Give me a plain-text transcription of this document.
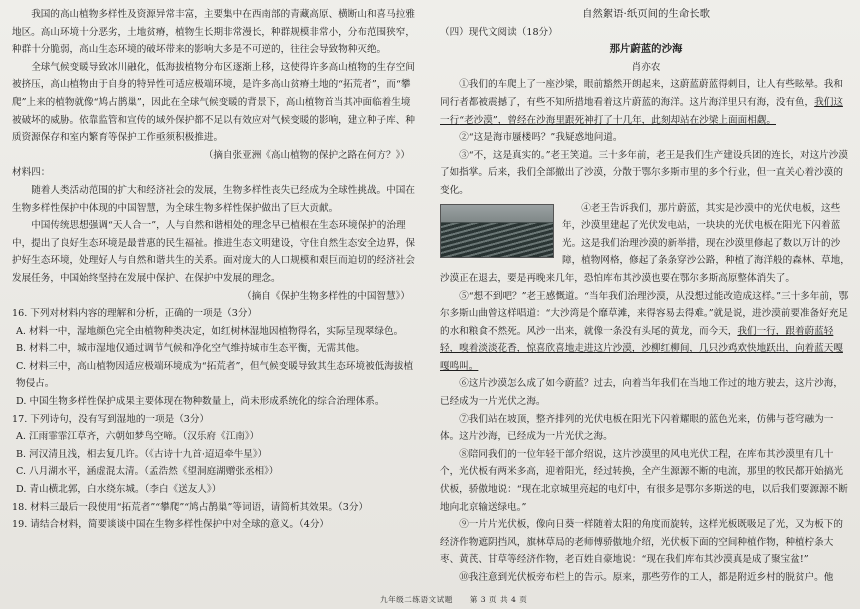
我国的高山植物多样性及资源异常丰富，主要集中在西南部的青藏高原、横断山和喜马拉雅地区。高山环境十分恶劣，土地贫瘠，植物生长期非常漫长，种群规模非常小，分布范围狭窄，种群十分脆弱，高山生态环境的破坏带来的影响大多是不可逆的，往往会导致物种灭绝。

全球气候变暖导致冰川融化，低海拔植物分布区逐渐上移，这使得许多高山植物的生存空间被挤压，高山植物由于自身的特异性可适应极端环境，是许多高山贫瘠土地的“拓荒者”，而“攀爬”上来的植物就像“鸠占鹊巢”，因此在全球气候变暖的背景下，高山植物首当其冲面临着生境被破坏的威胁。依靠监管和宣传的域外保护都不足以有效应对气候变暖的影响，建立种子库、种质资源保存和室内繁育等保护工作亟须积极推进。

（摘自张亚洲《高山植物的保护之路在何方？》）

材料四：

随着人类活动范围的扩大和经济社会的发展，生物多样性丧失已经成为全球性挑战。中国在生物多样性保护中体现的中国智慧，为全球生物多样性保护做出了巨大贡献。

中国传统思想强调“天人合一”，人与自然和谐相处的理念早已植根在生态环境保护的治理中，提出了良好生态环境是最普惠的民生福祉。推进生态文明建设，守住自然生态安全边界，保护好生态环境，处理好人与自然和谐共生的关系。面对庞大的人口规模和艰巨而迫切的经济社会发展任务，中国始终坚持在发展中保护、在保护中发展的理念。

（摘自《保护生物多样性的中国智慧》）

16. 下列对材料内容的理解和分析，正确的一项是（3分）

A. 材料一中，湿地颜色完全由植物种类决定，如红树林湿地因植物得名，实际呈现翠绿色。

B. 材料二中，城市湿地仅通过调节气候和净化空气维持城市生态平衡，无需其他。

C. 材料三中，高山植物因适应极端环境成为“拓荒者”，但气候变暖导致其生态环境被低海拔植物侵占。

D. 中国生物多样性保护成果主要体现在物种数量上，尚未形成系统化的综合治理体系。

17. 下列诗句，没有写到湿地的一项是（3分）

A. 江雨霏霏江草齐，六朝如梦鸟空啼。（汉乐府《江南》）

B. 河汉清且浅，相去复几许。（《古诗十九首·迢迢牵牛星》）

C. 八月湖水平，涵虚混太清。（孟浩然《望洞庭湖赠张丞相》）

D. 青山横北郭，白水绕东城。（李白《送友人》）

18. 材料三最后一段使用“拓荒者”“攀爬”“鸠占鹊巢”等词语，请简析其效果。（3分）

19. 请结合材料，简要谈谈中国在生物多样性保护中对全球的意义。（4分）

自然絮语·纸页间的生命长歌

（四）现代文阅读（18分）

那片蔚蓝的沙海

肖亦农

①我们的车爬上了一座沙梁，眼前豁然开朗起来，这蔚蓝蔚蓝得刺目，让人有些眩晕。我和同行者都被震撼了，有些不知所措地看着这片蔚蓝的海洋。这片海洋里只有海，没有鱼，我们这一行“老沙漠”，曾经在沙海里跟死神打了十几年，此刻却站在沙梁上面面相觑。

②“这是海市蜃楼吗？”我疑惑地问道。

③“不，这是真实的。”老王笑道。三十多年前，老王是我们生产建设兵团的连长，对这片沙漠了如指掌。后来，我们全部撤出了沙漠，分散于鄂尔多斯市里的多个行业，但一直关心着沙漠的变化。

④老王告诉我们，那片蔚蓝，其实是沙漠中的光伏电板，这些年，沙漠里建起了光伏发电站，一块块的光伏电板在阳光下闪着蓝光。这是我们治理沙漠的新举措，现在沙漠里修起了数以万计的沙障，植物网格，修起了条条穿沙公路，种植了海洋般的森林、草地，沙漠正在退去，要是再晚来几年，恐怕库布其沙漠也要在鄂尔多斯高原整体消失了。

⑤“想不到吧？”老王感慨道。“当年我们治理沙漠，从没想过能改造成这样。”三十多年前，鄂尔多斯山曲曾这样唱道：“大沙湾是个靡草滩，来得容易去得难。”就是说，进沙漠前要准备好充足的水和粮食不然死。风沙一出来，就像一条没有头尾的黄龙，而今天，我们一行，跟着蔚蓝轻轻，嗅着淡淡花香，惊喜欣喜地走进这片沙漠，沙柳红柳间，几只沙鸡欢快地跃出，向着蓝天嘎嘎鸣叫。

⑥这片沙漠怎么成了如今蔚蓝？过去，向着当年我们在当地工作过的地方驶去，这片沙海，已经成为一片光伏之海。

⑦我们站在坡顶，整齐排列的光伏电板在阳光下闪着耀眼的蓝色光来，仿佛与苍穹融为一体。这片沙海，已经成为一片光伏之海。

⑧陪同我们的一位年轻干部介绍说，这片沙漠里的风电光伏工程，在库布其沙漠里有几十个，光伏板有两米多高，迎着阳光，经过转换，全产生源源不断的电流，那里的牧民都开始搞光伏板，骄傲地说：“现在北京城里亮起的电灯中，有很多是鄂尔多斯送的电，以后我们要源源不断地向北京输送绿电。”

⑨一片片光伏板，像向日葵一样随着太阳的角度而旋转，这样光板既吸足了光，又为板下的经济作物遮阴挡风，旗林草局的老师傅骄傲地介绍，光伏板下面的空间种植作物，种植柠条大枣、黄芪、甘草等经济作物，老百姓自豪地说：“现在我们库布其沙漠真是成了聚宝盆!”

⑩我注意到光伏板旁布栏上的告示。原来，那些劳作的工人，都是附近乡村的脱贫户。他

九年级二练语文试题 第 3 页 共 4 页
